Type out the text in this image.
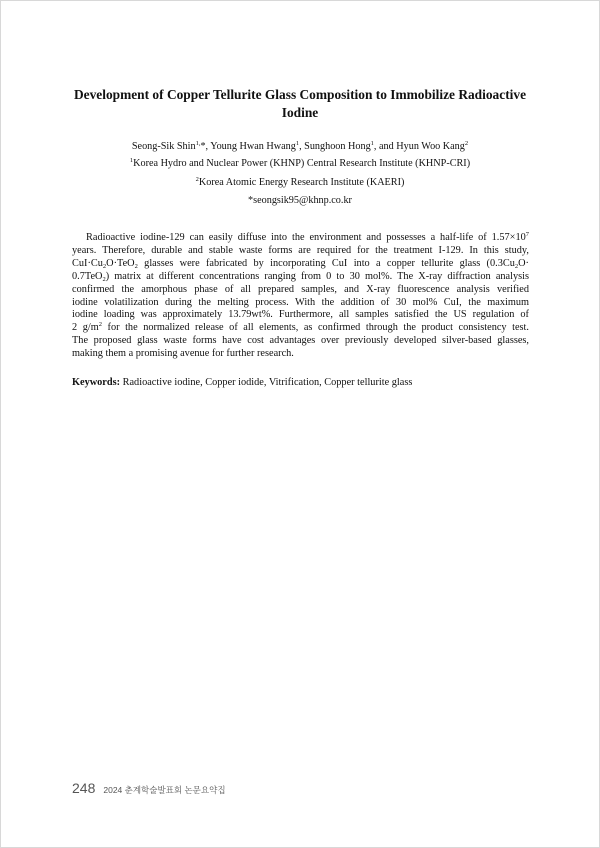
Development of Copper Tellurite Glass Composition to Immobilize Radioactive
Iodine
Seong-Sik Shin$^{1,}$*, Young Hwan Hwang$^1$, Sunghoon Hong$^1$, and Hyun Woo Kang$^2$
$^1$Korea Hydro and Nuclear Power (KHNP) Central Research Institute (KHNP-CRI)
$^2$Korea Atomic Energy Research Institute (KAERI)
*seongsik95@khnp.co.kr
Radioactive iodine-129 can easily diffuse into the environment and possesses a half-life of $1.57\times 10^7$
years. Therefore, durable and stable waste forms are required for the treatment I-129. In this study,
$CuI\cdot Cu_2O\cdot TeO_2$ glasses were fabricated by incorporating CuI into a copper tellurite glass ($0.3Cu_2O\cdot$
0.7TeO$_2$) matrix at different concentrations ranging from 0 to 30 mol%. The X-ray diffraction analysis
confirmed the amorphous phase of all prepared samples, and X-ray fluorescence analysis verified
iodine volatilization during the melting process. With the addition of 30 mol% CuI, the maximum
iodine loading was approximately 13.79wt%. Furthermore, all samples satisfied the US regulation of
2 $g/m^2$ for the normalized release of all elements, as confirmed through the product consistency test.
The proposed glass waste forms have cost advantages over previously developed silver-based glasses,
making them a promising avenue for further research.
Keywords: Radioactive iodine, Copper iodide, Vitrification, Copper tellurite glass
248 2024 춘계학술발표회 논문요약집
